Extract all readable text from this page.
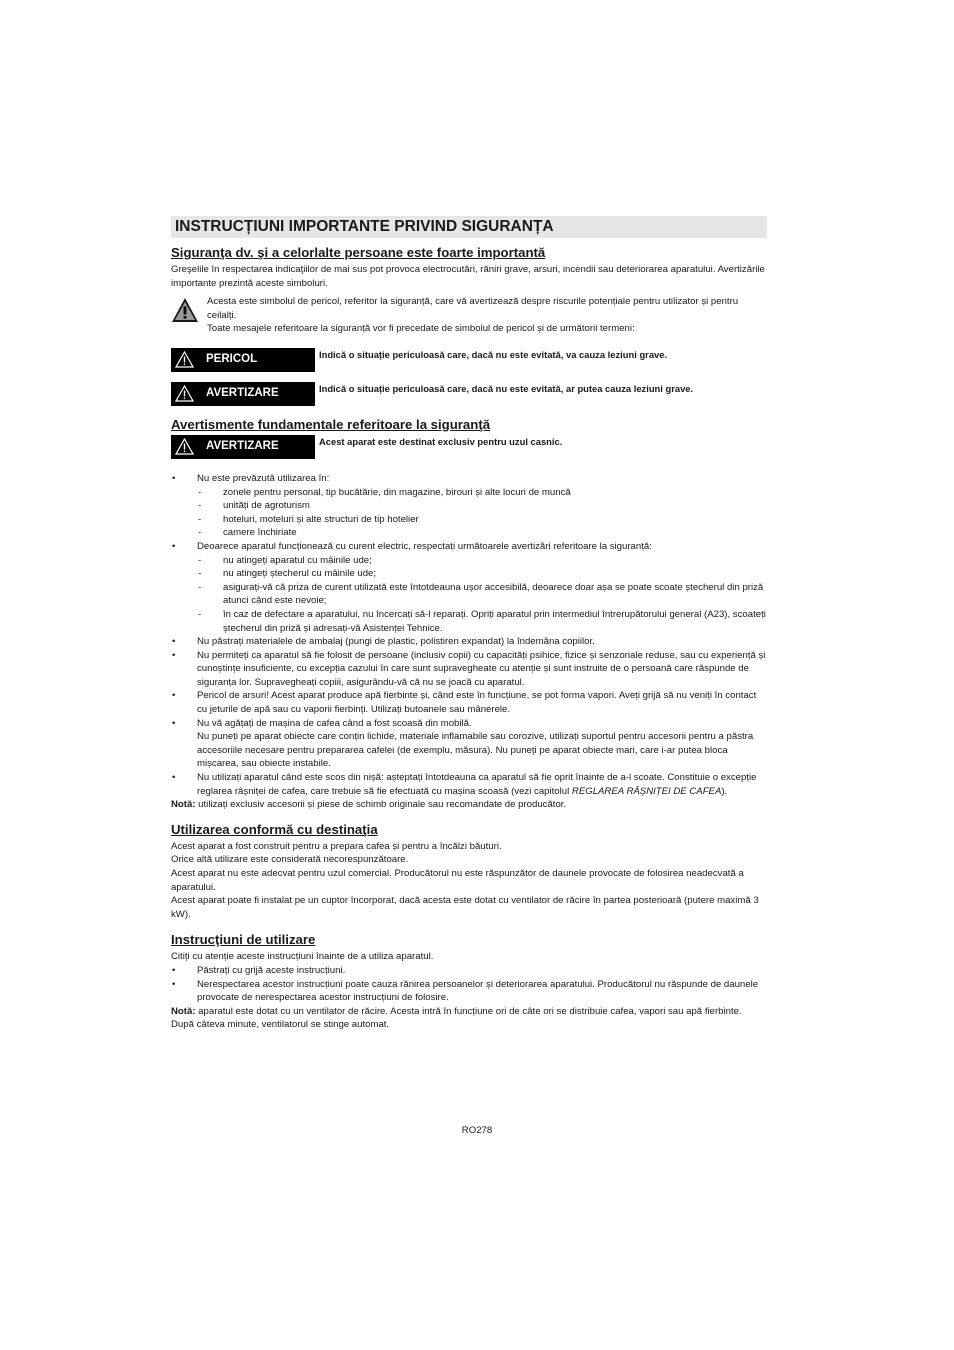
INSTRUCȚIUNI IMPORTANTE PRIVIND SIGURANȚA
Siguranţa dv. şi a celorlalte persoane este foarte importantă

Greşelile în respectarea indicaţiilor de mai sus pot provoca electrocutări, răniri grave, arsuri, incendii sau deteriorarea aparatului. Avertizările importante prezintă aceste simboluri.

Acesta este simbolul de pericol, referitor la siguranță, care vă avertizează despre riscurile potențiale pentru utilizator și pentru ceilalți.

Toate mesajele referitoare la siguranță vor fi precedate de simbolul de pericol și de următorii termeni:

PERICOL	Indică o situație periculoasă care, dacă nu este evitată, va cauza leziuni grave.
AVERTIZARE	Indică o situație periculoasă care, dacă nu este evitată, ar putea cauza leziuni grave.
Avertismente fundamentale referitoare la siguranţă
AVERTIZARE	Acest aparat este destinat exclusiv pentru uzul casnic.
• Nu este prevăzută utilizarea în:
- zonele pentru personal, tip bucătărie, din magazine, birouri și alte locuri de muncă
- unități de agroturism
- hoteluri, moteluri și alte structuri de tip hotelier
- camere închiriate
• Deoarece aparatul funcționează cu curent electric, respectați următoarele avertizări referitoare la siguranță:
- nu atingeți aparatul cu mâinile ude;
- nu atingeți ștecherul cu mâinile ude;
- asigurați-vă că priza de curent utilizată este întotdeauna ușor accesibilă, deoarece doar așa se poate scoate ștecherul din priză atunci când este nevoie;
- în caz de defectare a aparatului, nu încercați să-l reparați. Opriți aparatul prin intermediul întrerupătorului general (A23), scoateți ștecherul din priză și adresați-vă Asistenței Tehnice.
• Nu păstrați materialele de ambalaj (pungi de plastic, polistiren expandat) la îndemâna copiilor.
• Nu permiteți ca aparatul să fie folosit de persoane (inclusiv copii) cu capacități psihice, fizice și senzoriale reduse, sau cu experiență și cunoștințe insuficiente, cu excepția cazului în care sunt supravegheate cu atenție și sunt instruite de o persoană care răspunde de siguranța lor. Supravegheați copiii, asigurându-vă că nu se joacă cu aparatul.
• Pericol de arsuri! Acest aparat produce apă fierbinte și, când este în funcțiune, se pot forma vapori. Aveți grijă să nu veniți în contact cu jeturile de apă sau cu vaporii fierbinți. Utilizați butoanele sau mânerele.
• Nu vă agățați de mașina de cafea când a fost scoasă din mobilă.
Nu puneți pe aparat obiecte care conțin lichide, materiale inflamabile sau corozive, utilizați suportul pentru accesorii pentru a păstra accesoriile necesare pentru prepararea cafelei (de exemplu, măsura). Nu puneți pe aparat obiecte mari, care i-ar putea bloca mișcarea, sau obiecte instabile.
• Nu utilizați aparatul când este scos din nișă: așteptați întotdeauna ca aparatul să fie oprit înainte de a-l scoate. Constituie o excepție reglarea râșniței de cafea, care trebuie să fie efectuată cu mașina scoasă (vezi capitolul REGLAREA RÂȘNIȚEI DE CAFEA).

Notă: utilizați exclusiv accesorii și piese de schimb originale sau recomandate de producător.

Utilizarea conformă cu destinaţia

Acest aparat a fost construit pentru a prepara cafea și pentru a încălzi băuturi.

Orice altă utilizare este considerată necorespunzătoare.

Acest aparat nu este adecvat pentru uzul comercial. Producătorul nu este răspunzător de daunele provocate de folosirea neadecvată a aparatului.

Acest aparat poate fi instalat pe un cuptor încorporat, dacă acesta este dotat cu ventilator de răcire în partea posterioară (putere maximă 3 kW).

Instrucţiuni de utilizare

Citiți cu atenție aceste instrucțiuni înainte de a utiliza aparatul.

• Păstrați cu grijă aceste instrucțiuni.
• Nerespectarea acestor instrucțiuni poate cauza rănirea persoanelor și deteriorarea aparatului. Producătorul nu răspunde de daunele provocate de nerespectarea acestor instrucțiuni de folosire.

Notă: aparatul este dotat cu un ventilator de răcire. Acesta intră în funcțiune ori de câte ori se distribuie cafea, vapori sau apă fierbinte. După câteva minute, ventilatorul se stinge automat.

RO278
